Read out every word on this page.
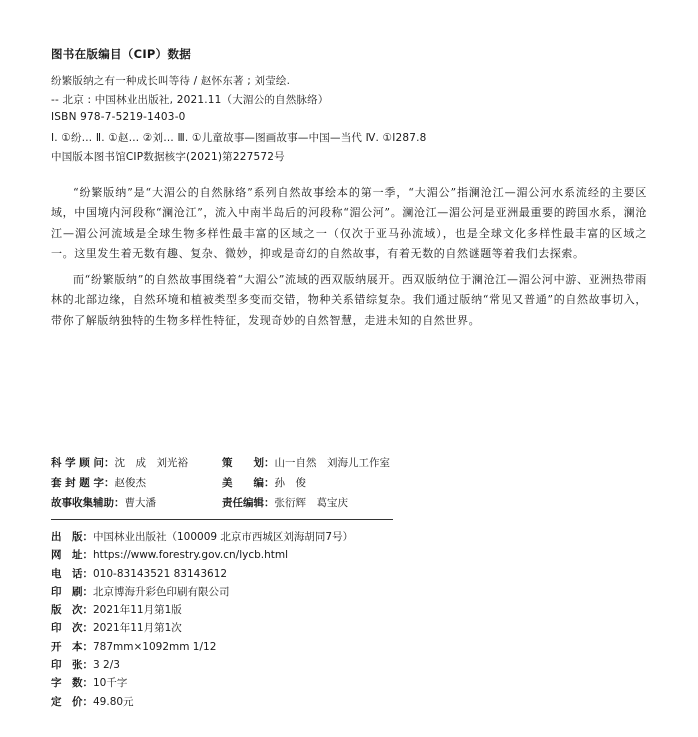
图书在版编目（CIP）数据
纷繁版纳之有一种成长叫等待 / 赵怀东著 ; 刘莹绘.
-- 北京 : 中国林业出版社, 2021.11（大湄公的自然脉络）
ISBN 978-7-5219-1403-0
Ⅰ. ①纷… Ⅱ. ①赵… ②刘… Ⅲ. ①儿童故事—图画故事—中国—当代 Ⅳ. ①I287.8
中国版本图书馆CIP数据核字(2021)第227572号

“纷繁版纳”是“大湄公的自然脉络”系列自然故事绘本的第一季，“大湄公”指澜沧江—湄公河水系流经的主要区域，中国境内河段称“澜沧江”，流入中南半岛后的河段称“湄公河”。澜沧江—湄公河是亚洲最重要的跨国水系，澜沧江—湄公河流域是全球生物多样性最丰富的区域之一（仅次于亚马孙流域），也是全球文化多样性最丰富的区域之一。这里发生着无数有趣、复杂、微妙，抑或是奇幻的自然故事，有着无数的自然谜题等着我们去探索。

而“纷繁版纳”的自然故事围绕着“大湄公”流域的西双版纳展开。西双版纳位于澜沧江—湄公河中游、亚洲热带雨林的北部边缘，自然环境和植被类型多变而交错，物种关系错综复杂。我们通过版纳“常见又普通”的自然故事切入，带你了解版纳独特的生物多样性特征，发现奇妙的自然智慧，走进未知的自然世界。

科 学 顾 问：沈　成　刘光裕	策　　划：山一自然　刘海儿工作室
套 封 题 字：赵俊杰	美　　编：孙　俊
故事收集辅助：曹大潘	责任编辑：张衍辉　葛宝庆
出　版：中国林业出版社（100009 北京市西城区刘海胡同7号）
网　址：https://www.forestry.gov.cn/lycb.html
电　话：010-83143521 83143612
印　刷：北京博海升彩色印刷有限公司
版　次：2021年11月第1版
印　次：2021年11月第1次
开　本：787mm×1092mm 1/12
印　张：3 2/3
字　数：10千字
定　价：49.80元
